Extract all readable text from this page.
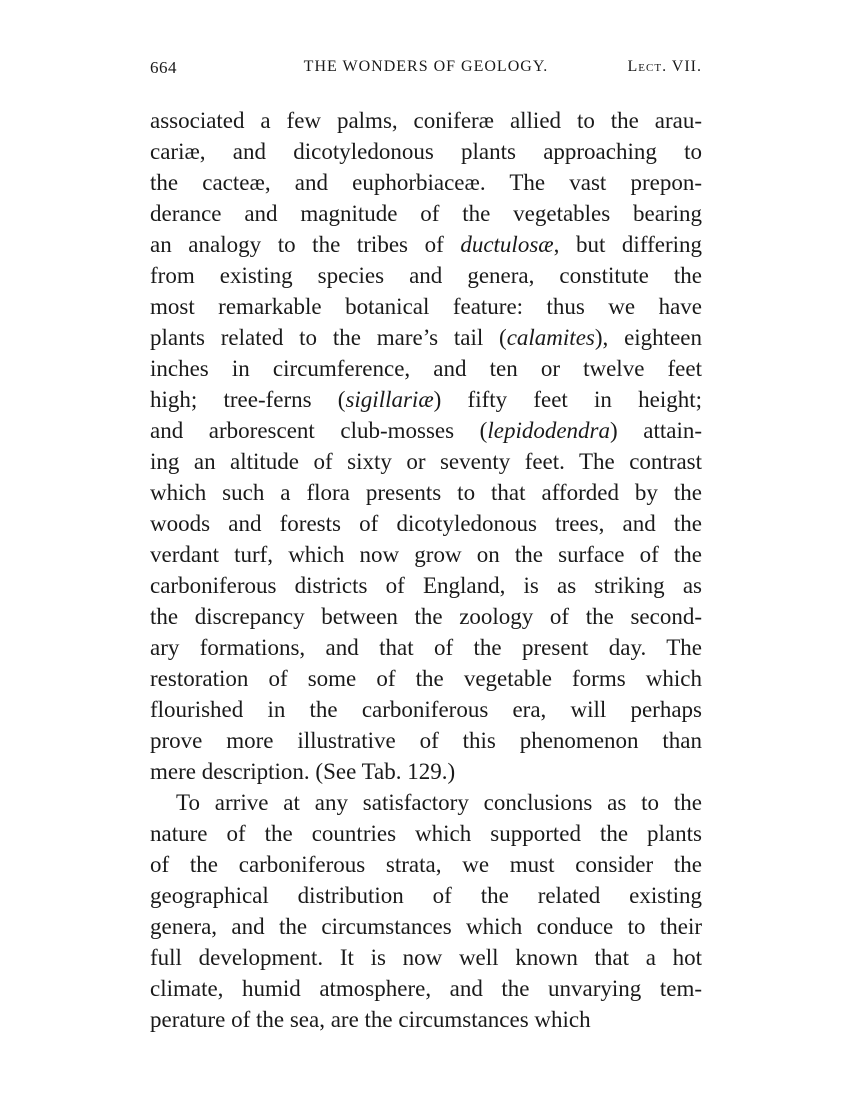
664	THE WONDERS OF GEOLOGY.	Lect. VII.
associated a few palms, coniferæ allied to the arau-
cariæ, and dicotyledonous plants approaching to
the cacteæ, and euphorbiaceæ. The vast prepon-
derance and magnitude of the vegetables bearing
an analogy to the tribes of ductulosæ, but differing
from existing species and genera, constitute the
most remarkable botanical feature: thus we have
plants related to the mare’s tail (calamites), eighteen
inches in circumference, and ten or twelve feet
high; tree-ferns (sigillariæ) fifty feet in height;
and arborescent club-mosses (lepidodendra) attain-
ing an altitude of sixty or seventy feet. The contrast
which such a flora presents to that afforded by the
woods and forests of dicotyledonous trees, and the
verdant turf, which now grow on the surface of the
carboniferous districts of England, is as striking as
the discrepancy between the zoology of the second-
ary formations, and that of the present day. The
restoration of some of the vegetable forms which
flourished in the carboniferous era, will perhaps
prove more illustrative of this phenomenon than
mere description. (See Tab. 129.)
To arrive at any satisfactory conclusions as to the
nature of the countries which supported the plants
of the carboniferous strata, we must consider the
geographical distribution of the related existing
genera, and the circumstances which conduce to their
full development. It is now well known that a hot
climate, humid atmosphere, and the unvarying tem-
perature of the sea, are the circumstances which
